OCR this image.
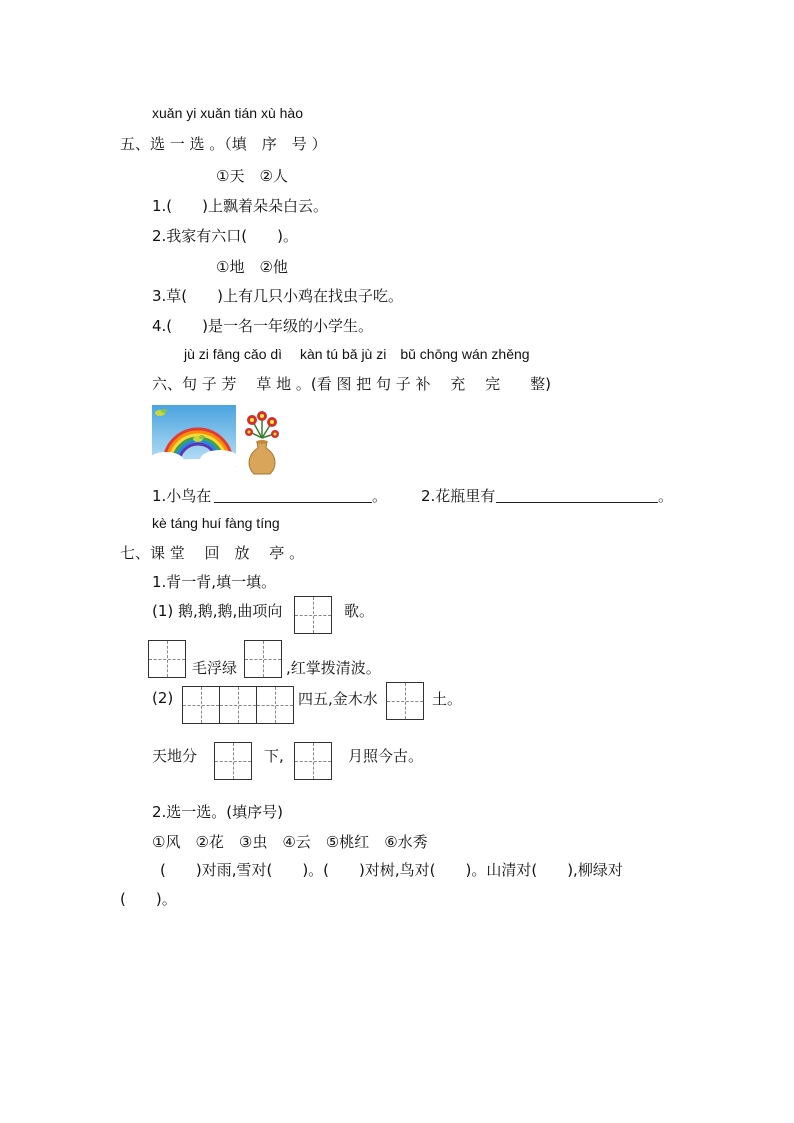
xuǎn yi xuǎn tián xù hào
五、选 一 选 。（填　序　号 ）
①天　②人
1.(　　)上飘着朵朵白云。
2.我家有六口(　　)。
①地　②他
3.草(　　)上有几只小鸡在找虫子吃。
4.(　　)是一名一年级的小学生。
jù zi fāng cǎo dì　 kàn tú bǎ jù zi　bǔ chōng wán zhěng
六、句 子 芳　 草 地 。(看 图 把 句 子 补　 充　 完　　整)
1.小鸟在	。 2.花瓶里有	。
kè táng huí fàng tíng
七、课 堂　 回　放　 亭 。
1.背一背,填一填。
(1) 鹅,鹅,鹅,曲项向	歌。
毛浮绿	,红掌拨清波。
(2)	四五,金木水	土。
天地分	下,	月照今古。
2.选一选。(填序号)
①风　②花　③虫　④云　⑤桃红　⑥水秀
(　　)对雨,雪对(　　)。(　　)对树,鸟对(　　)。山清对(　　),柳绿对
(　　)。
